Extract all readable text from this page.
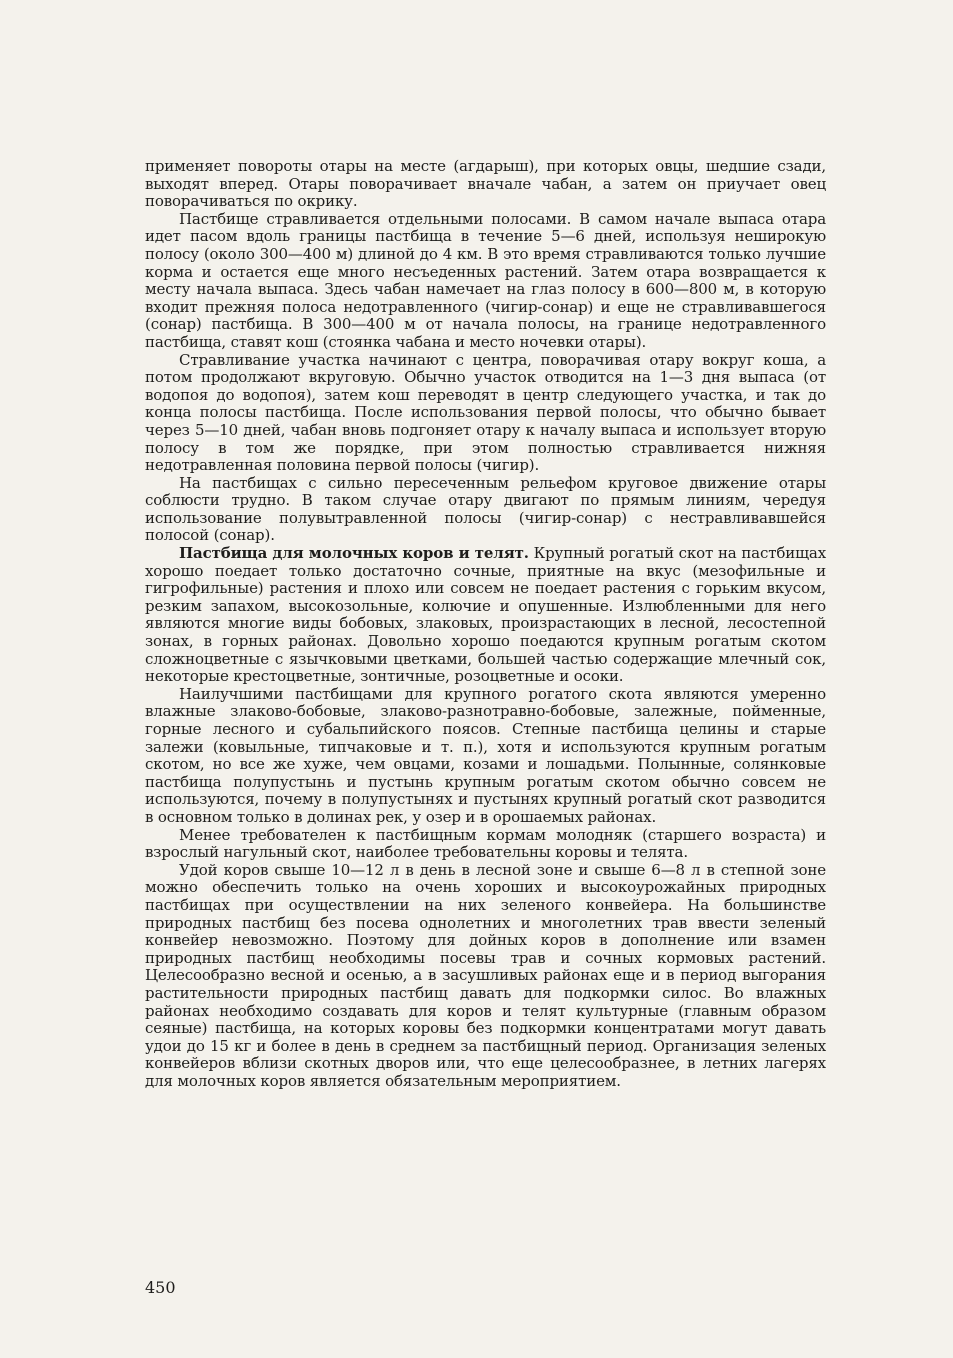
применяет повороты отары на месте (агдарыш), при которых овцы, шедшие сзади, выходят вперед. Отары поворачивает вначале чабан, а затем он приучает овец поворачиваться по окрику.

Пастбище стравливается отдельными полосами. В самом начале выпаса отара идет пасом вдоль границы пастбища в течение 5—6 дней, используя неширокую полосу (около 300—400 м) длиной до 4 км. В это время стравливаются только лучшие корма и остается еще много несъеденных растений. Затем отара возвращается к месту начала выпаса. Здесь чабан намечает на глаз полосу в 600—800 м, в которую входит прежняя полоса недотравленного (чигир-сонар) и еще не стравливавшегося (сонар) пастбища. В 300—400 м от начала полосы, на границе недотравленного пастбища, ставят кош (стоянка чабана и место ночевки отары).

Стравливание участка начинают с центра, поворачивая отару вокруг коша, а потом продолжают вкруговую. Обычно участок отводится на 1—3 дня выпаса (от водопоя до водопоя), затем кош переводят в центр следующего участка, и так до конца полосы пастбища. После использования первой полосы, что обычно бывает через 5—10 дней, чабан вновь подгоняет отару к началу выпаса и использует вторую полосу в том же порядке, при этом полностью стравливается нижняя недотравленная половина первой полосы (чигир).

На пастбищах с сильно пересеченным рельефом круговое движение отары соблюсти трудно. В таком случае отару двигают по прямым линиям, чередуя использование полувытравленной полосы (чигир-сонар) с нестравливавшейся полосой (сонар).

Пастбища для молочных коров и телят. Крупный рогатый скот на пастбищах хорошо поедает только достаточно сочные, приятные на вкус (мезофильные и гигрофильные) растения и плохо или совсем не поедает растения с горьким вкусом, резким запахом, высокозольные, колючие и опушенные. Излюбленными для него являются многие виды бобовых, злаковых, произрастающих в лесной, лесостепной зонах, в горных районах. Довольно хорошо поедаются крупным рогатым скотом сложноцветные с язычковыми цветками, большей частью содержащие млечный сок, некоторые крестоцветные, зонтичные, розоцветные и осоки.

Наилучшими пастбищами для крупного рогатого скота являются умеренно влажные злаково-бобовые, злаково-разнотравно-бобовые, залежные, пойменные, горные лесного и субальпийского поясов. Степные пастбища целины и старые залежи (ковыльные, типчаковые и т. п.), хотя и используются крупным рогатым скотом, но все же хуже, чем овцами, козами и лошадьми. Полынные, солянковые пастбища полупустынь и пустынь крупным рогатым скотом обычно совсем не используются, почему в полупустынях и пустынях крупный рогатый скот разводится в основном только в долинах рек, у озер и в орошаемых районах.

Менее требователен к пастбищным кормам молодняк (старшего возраста) и взрослый нагульный скот, наиболее требовательны коровы и телята.

Удой коров свыше 10—12 л в день в лесной зоне и свыше 6—8 л в степной зоне можно обеспечить только на очень хороших и высокоурожайных природных пастбищах при осуществлении на них зеленого конвейера. На большинстве природных пастбищ без посева однолетних и многолетних трав ввести зеленый конвейер невозможно. Поэтому для дойных коров в дополнение или взамен природных пастбищ необходимы посевы трав и сочных кормовых растений. Целесообразно весной и осенью, а в засушливых районах еще и в период выгорания растительности природных пастбищ давать для подкормки силос. Во влажных районах необходимо создавать для коров и телят культурные (главным образом сеяные) пастбища, на которых коровы без подкормки концентратами могут давать удои до 15 кг и более в день в среднем за пастбищный период. Организация зеленых конвейеров вблизи скотных дворов или, что еще целесообразнее, в летних лагерях для молочных коров является обязательным мероприятием.

450
